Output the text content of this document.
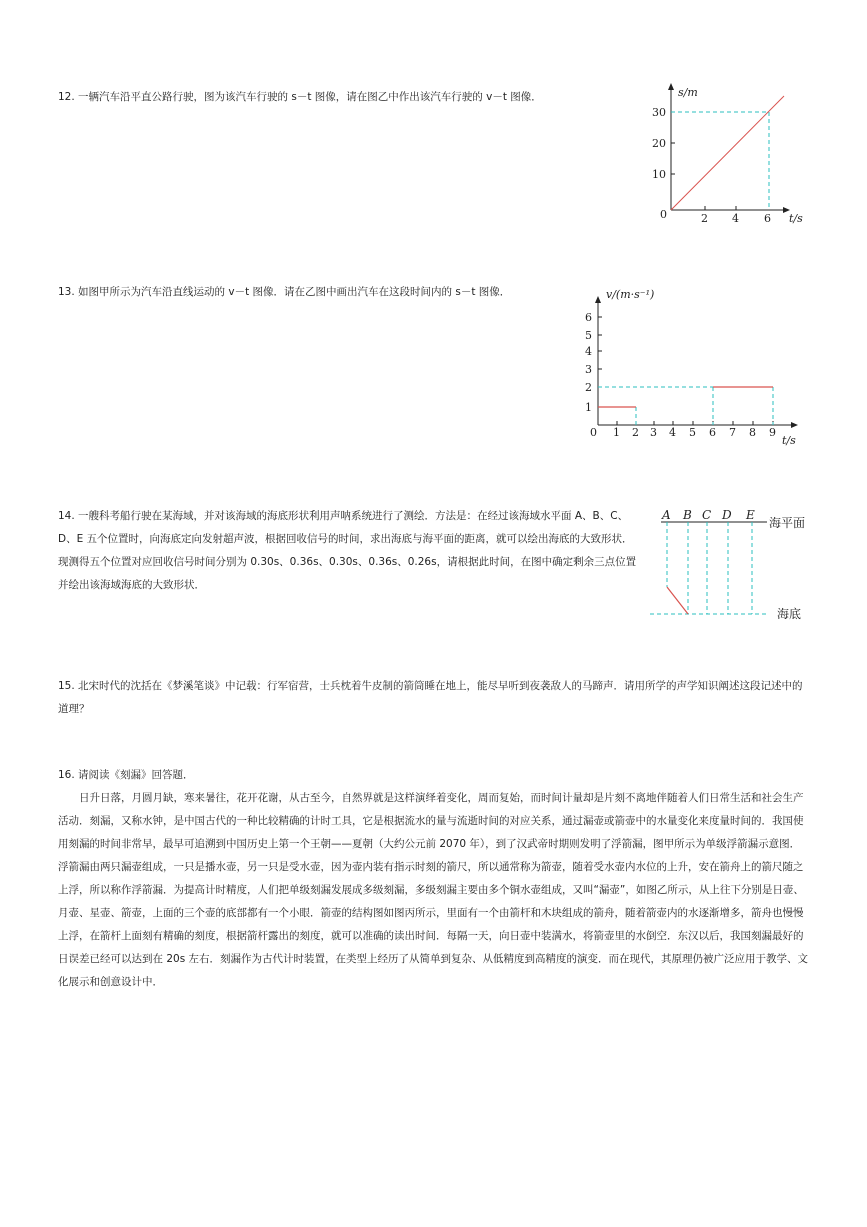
12. 一辆汽车沿平直公路行驶，图为该汽车行驶的 s－t 图像，请在图乙中作出该汽车行驶的 v－t 图像．	s/m
t/s
0
10
20
30
2 4 6

13. 如图甲所示为汽车沿直线运动的 v－t 图像．请在乙图中画出汽车在这段时间内的 s－t 图像．	v/(m·s⁻¹)
t/s
0
1
2
3
4
5
6
1 2 3 4 5 6 7 8 9

14. 一艘科考船行驶在某海域，并对该海域的海底形状利用声呐系统进行了测绘．方法是：在经过该海域水平面 A、B、C、D、E 五个位置时，向海底定向发射超声波，根据回收信号的时间，求出海底与海平面的距离，就可以绘出海底的大致形状．现测得五个位置对应回收信号时间分别为 0.30s、0.36s、0.30s、0.36s、0.26s，请根据此时间，在图中确定剩余三点位置并绘出该海域海底的大致形状．

A B C D E
海平面
海底

15. 北宋时代的沈括在《梦溪笔谈》中记载：行军宿营，士兵枕着牛皮制的箭筒睡在地上，能尽早听到夜袭敌人的马蹄声．请用所学的声学知识阐述这段记述中的道理？

16. 请阅读《刻漏》回答题．

日升日落，月圆月缺，寒来暑往，花开花谢，从古至今，自然界就是这样演绎着变化，周而复始，而时间计量却是片刻不离地伴随着人们日常生活和社会生产活动．刻漏，又称水钟，是中国古代的一种比较精确的计时工具，它是根据流水的量与流逝时间的对应关系，通过漏壶或箭壶中的水量变化来度量时间的．我国使用刻漏的时间非常早，最早可追溯到中国历史上第一个王朝——夏朝（大约公元前 2070 年），到了汉武帝时期则发明了浮箭漏，图甲所示为单级浮箭漏示意图．浮箭漏由两只漏壶组成，一只是播水壶，另一只是受水壶，因为壶内装有指示时刻的箭尺，所以通常称为箭壶，随着受水壶内水位的上升，安在箭舟上的箭尺随之上浮，所以称作浮箭漏．为提高计时精度，人们把单级刻漏发展成多级刻漏，多级刻漏主要由多个铜水壶组成，又叫“漏壶”，如图乙所示，从上往下分别是日壶、月壶、星壶、箭壶，上面的三个壶的底部都有一个小眼．箭壶的结构图如图丙所示，里面有一个由箭杆和木块组成的箭舟，随着箭壶内的水逐渐增多，箭舟也慢慢上浮，在箭杆上面刻有精确的刻度，根据箭杆露出的刻度，就可以准确的读出时间．每隔一天，向日壶中装满水，将箭壶里的水倒空．东汉以后，我国刻漏最好的日误差已经可以达到在 20s 左右．刻漏作为古代计时装置，在类型上经历了从简单到复杂、从低精度到高精度的演变．而在现代，其原理仍被广泛应用于教学、文化展示和创意设计中．
